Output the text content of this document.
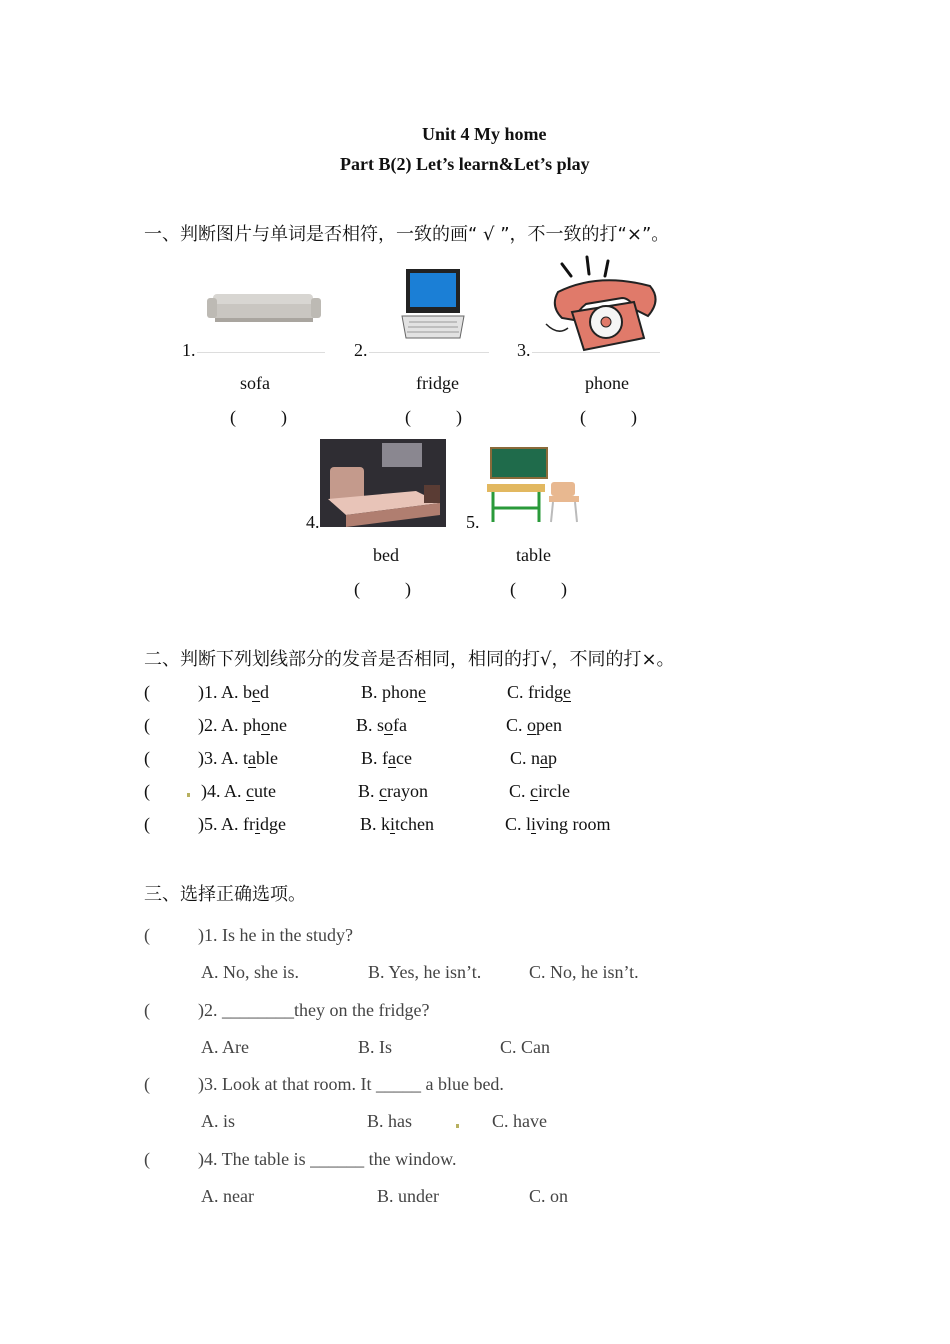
Unit 4 My home
Part B(2) Let’s learn&Let’s play
一、判断图片与单词是否相符，一致的画“ √ ”，不一致的打“×”。
1.
sofa
(          )
2.
fridge
(          )
3.
phone
(          )
4.
bed
(          )
5.
table
(          )
二、判断下列划线部分的发音是否相同，相同的打√，不同的打×。
(	)1. A. bed	B. phone	C. fridge
(	)2. A. phone	B. sofa	C. open
(	)3. A. table	B. face	C. nap
(	)4. A. cute	B. crayon	C. circle
(	)5. A. fridge	B. kitchen	C. living room
三、选择正确选项。
(	)1. Is he in the study?
A. No, she is.	B. Yes, he isn’t.	C. No, he isn’t.
(	)2. ________they on the fridge?
A. Are	B. Is	C. Can
(	)3. Look at that room. It _____ a blue bed.
A. is	B. has	C. have
(	)4. The table is ______ the window.
A. near	B. under	C. on
